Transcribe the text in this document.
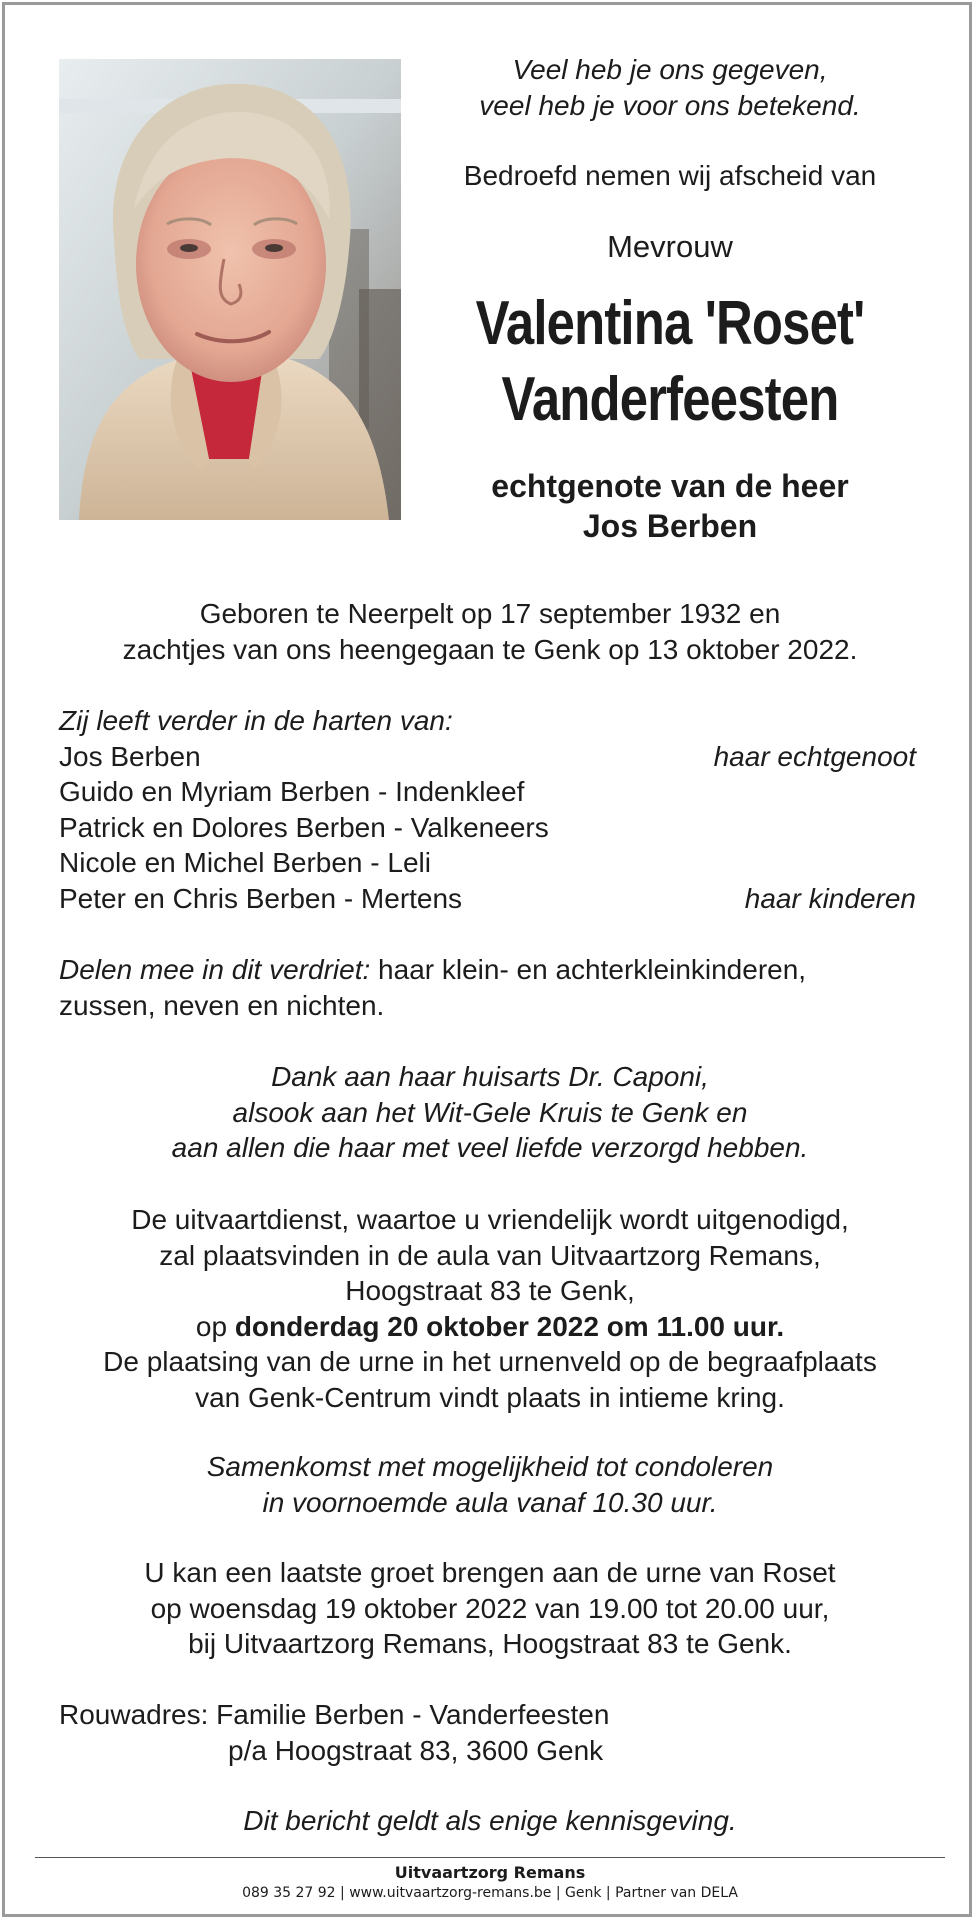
Veel heb je ons gegeven,

veel heb je voor ons betekend.

Bedroefd nemen wij afscheid van

Mevrouw

Valentina 'Roset'
Vanderfeesten
echtgenote van de heer
Jos Berben

Geboren te Neerpelt op 17 september 1932 en

zachtjes van ons heengegaan te Genk op 13 oktober 2022.

Zij leeft verder in de harten van:

Jos Berben	haar echtgenoot
Guido en Myriam Berben - Indenkleef
Patrick en Dolores Berben - Valkeneers
Nicole en Michel Berben - Leli
Peter en Chris Berben - Mertens	haar kinderen

Delen mee in dit verdriet: haar klein- en achterkleinkinderen,

zussen, neven en nichten.

Dank aan haar huisarts Dr. Caponi,

alsook aan het Wit-Gele Kruis te Genk en

aan allen die haar met veel liefde verzorgd hebben.

De uitvaartdienst, waartoe u vriendelijk wordt uitgenodigd,

zal plaatsvinden in de aula van Uitvaartzorg Remans,

Hoogstraat 83 te Genk,

op donderdag 20 oktober 2022 om 11.00 uur.

De plaatsing van de urne in het urnenveld op de begraafplaats

van Genk-Centrum vindt plaats in intieme kring.

Samenkomst met mogelijkheid tot condoleren

in voornoemde aula vanaf 10.30 uur.

U kan een laatste groet brengen aan de urne van Roset

op woensdag 19 oktober 2022 van 19.00 tot 20.00 uur,

bij Uitvaartzorg Remans, Hoogstraat 83 te Genk.

Rouwadres: Familie Berben - Vanderfeesten

p/a Hoogstraat 83, 3600 Genk

Dit bericht geldt als enige kennisgeving.

Uitvaartzorg Remans
089 35 27 92 | www.uitvaartzorg-remans.be | Genk | Partner van DELA
